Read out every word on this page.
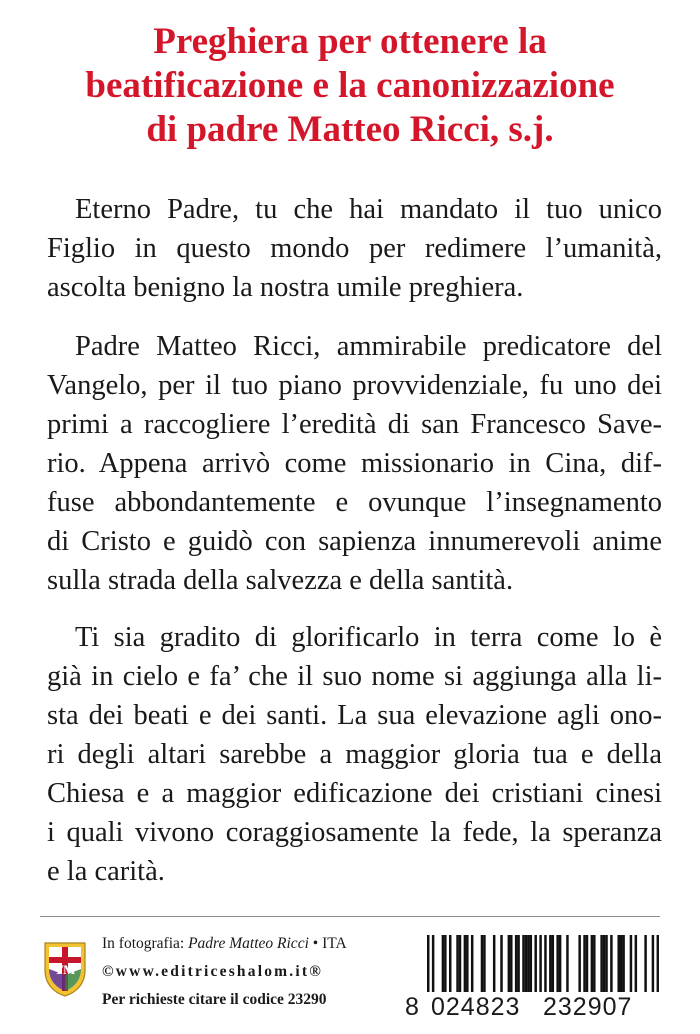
Preghiera per ottenere la
beatificazione e la canonizzazione
di padre Matteo Ricci, s.j.
Eterno Padre, tu che hai mandato il tuo unico
Figlio in questo mondo per redimere l’umanità,
ascolta benigno la nostra umile preghiera.
Padre Matteo Ricci, ammirabile predicatore del
Vangelo, per il tuo piano provvidenziale, fu uno dei
primi a raccogliere l’eredità di san Francesco Save-
rio. Appena arrivò come missionario in Cina, dif-
fuse abbondantemente e ovunque l’insegnamento
di Cristo e guidò con sapienza innumerevoli anime
sulla strada della salvezza e della santità.
Ti sia gradito di glorificarlo in terra come lo è
già in cielo e fa’ che il suo nome si aggiunga alla li-
sta dei beati e dei santi. La sua elevazione agli ono-
ri degli altari sarebbe a maggior gloria tua e della
Chiesa e a maggior edificazione dei cristiani cinesi
i quali vivono coraggiosamente la fede, la speranza
e la carità.
TM
In fotografia: Padre Matteo Ricci • ITA
©www.editriceshalom.it®
Per richieste citare il codice 23290	8 024823 232907
